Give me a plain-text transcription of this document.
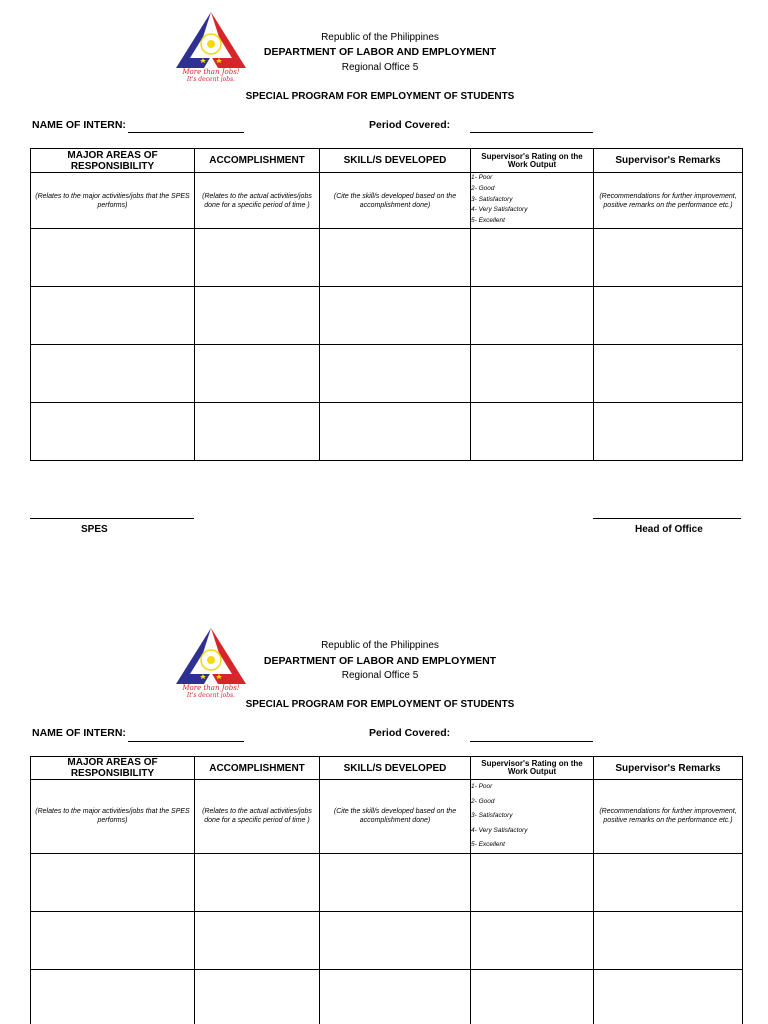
More than Jobs!
It's decent jobs.
Republic of the Philippines
DEPARTMENT OF LABOR AND EMPLOYMENT
Regional Office 5
SPECIAL PROGRAM FOR EMPLOYMENT OF STUDENTS
NAME OF INTERN:	Period Covered:
MAJOR AREAS OF RESPONSIBILITY	ACCOMPLISHMENT	SKILL/S DEVELOPED	Supervisor's Rating on the Work Output	Supervisor's Remarks
(Relates to the major activities/jobs that the SPES performs)	(Relates to the actual activities/jobs done for a specific period of time )	(Cite the skill/s developed based on the accomplishment done)	1- Poor
2- Good
3- Satisfactory
4- Very Satisfactory
5- Excellent	(Recommendations for further improvement, positive remarks on the performance etc.)

SPES	Head of Office
More than Jobs!
It's decent jobs.
Republic of the Philippines
DEPARTMENT OF LABOR AND EMPLOYMENT
Regional Office 5
SPECIAL PROGRAM FOR EMPLOYMENT OF STUDENTS
NAME OF INTERN:	Period Covered:
MAJOR AREAS OF RESPONSIBILITY	ACCOMPLISHMENT	SKILL/S DEVELOPED	Supervisor's Rating on the Work Output	Supervisor's Remarks
(Relates to the major activities/jobs that the SPES performs)	(Relates to the actual activities/jobs done for a specific period of time )	(Cite the skill/s developed based on the accomplishment done)	1- Poor
2- Good
3- Satisfactory
4- Very Satisfactory
5- Excellent	(Recommendations for further improvement, positive remarks on the performance etc.)
